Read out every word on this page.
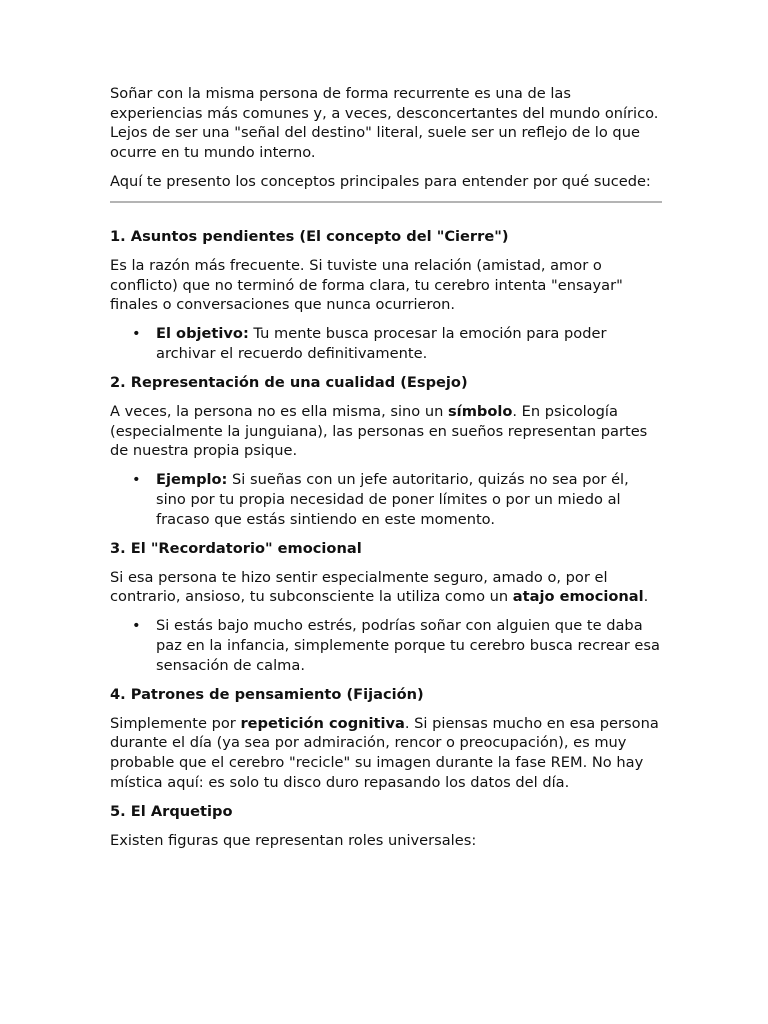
Soñar con la misma persona de forma recurrente es una de las experiencias más comunes y, a veces, desconcertantes del mundo onírico. Lejos de ser una "señal del destino" literal, suele ser un reflejo de lo que ocurre en tu mundo interno.

Aquí te presento los conceptos principales para entender por qué sucede:

1. Asuntos pendientes (El concepto del "Cierre")

Es la razón más frecuente. Si tuviste una relación (amistad, amor o conflicto) que no terminó de forma clara, tu cerebro intenta "ensayar" finales o conversaciones que nunca ocurrieron.

• El objetivo: Tu mente busca procesar la emoción para poder archivar el recuerdo definitivamente.
2. Representación de una cualidad (Espejo)

A veces, la persona no es ella misma, sino un símbolo. En psicología (especialmente la junguiana), las personas en sueños representan partes de nuestra propia psique.

• Ejemplo: Si sueñas con un jefe autoritario, quizás no sea por él, sino por tu propia necesidad de poner límites o por un miedo al fracaso que estás sintiendo en este momento.
3. El "Recordatorio" emocional

Si esa persona te hizo sentir especialmente seguro, amado o, por el contrario, ansioso, tu subconsciente la utiliza como un atajo emocional.

• Si estás bajo mucho estrés, podrías soñar con alguien que te daba paz en la infancia, simplemente porque tu cerebro busca recrear esa sensación de calma.
4. Patrones de pensamiento (Fijación)

Simplemente por repetición cognitiva. Si piensas mucho en esa persona durante el día (ya sea por admiración, rencor o preocupación), es muy probable que el cerebro "recicle" su imagen durante la fase REM. No hay mística aquí: es solo tu disco duro repasando los datos del día.

5. El Arquetipo

Existen figuras que representan roles universales:
